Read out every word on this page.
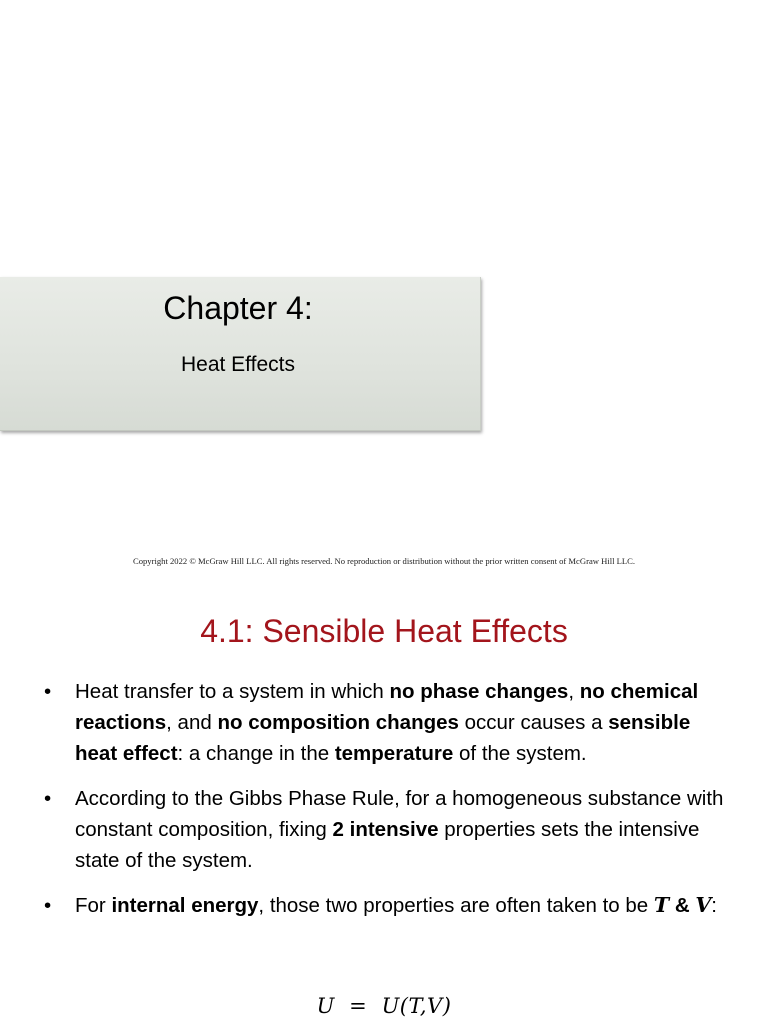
Chapter 4:
Heat Effects
Copyright 2022 © McGraw Hill LLC. All rights reserved. No reproduction or distribution without the prior written consent of McGraw Hill LLC.
4.1: Sensible Heat Effects
•	Heat transfer to a system in which no phase changes, no chemical reactions, and no composition changes occur causes a sensible heat effect: a change in the temperature of the system.
•	According to the Gibbs Phase Rule, for a homogeneous substance with constant composition, fixing 2 intensive properties sets the intensive state of the system.
•	For internal energy, those two properties are often taken to be T & V:
U  =  U(T,V)
